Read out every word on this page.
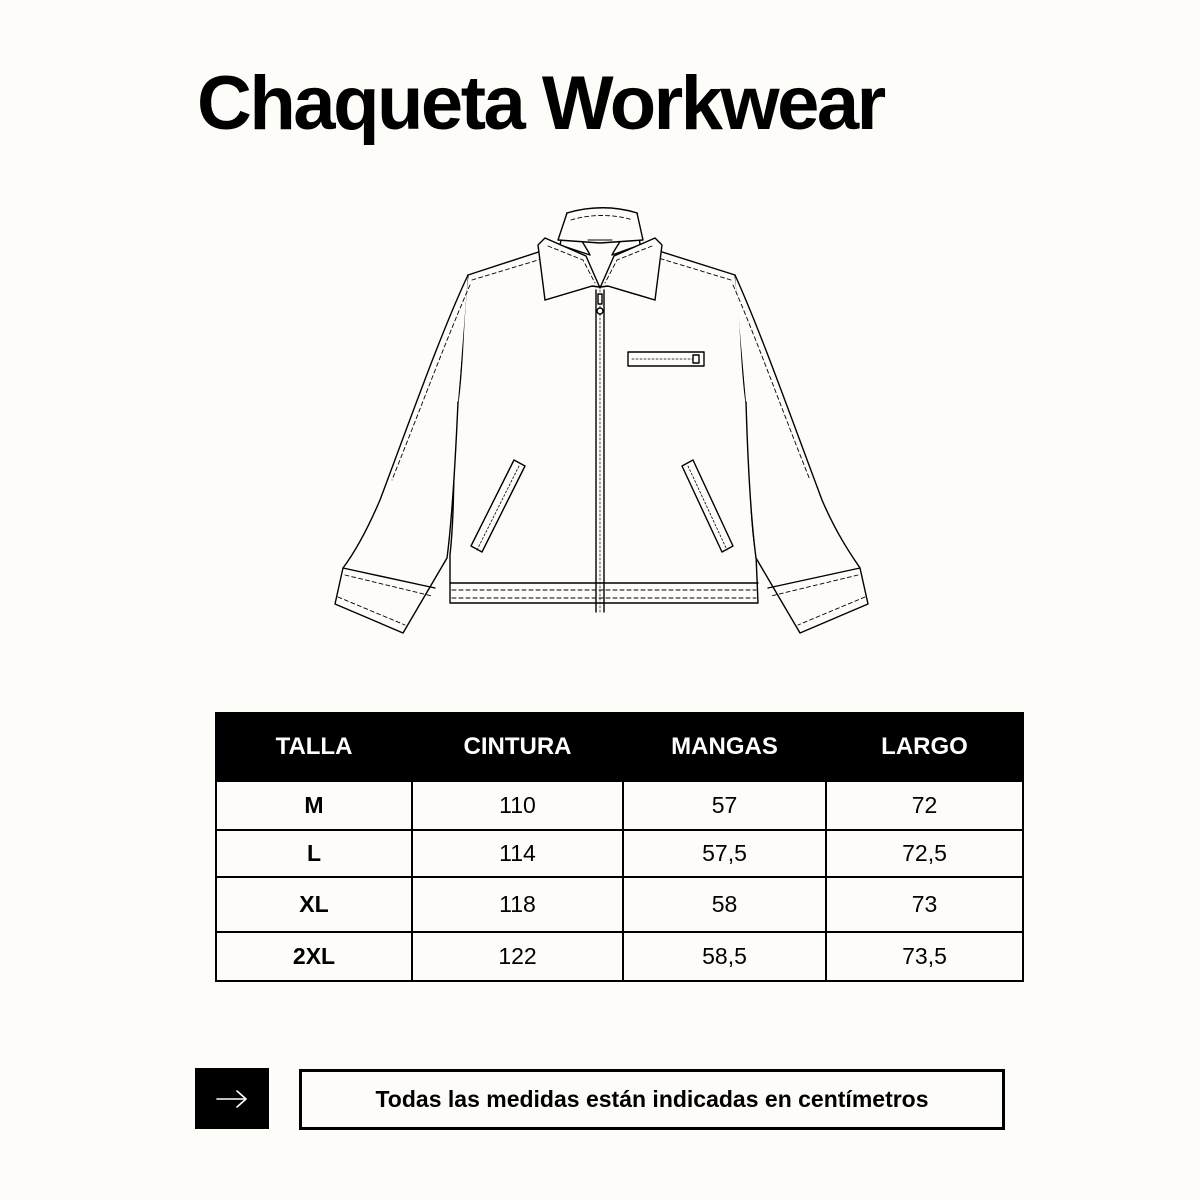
Chaqueta Workwear
TALLA	CINTURA	MANGAS	LARGO
M	110	57	72
L	114	57,5	72,5
XL	118	58	73
2XL	122	58,5	73,5
Todas las medidas están indicadas en centímetros
